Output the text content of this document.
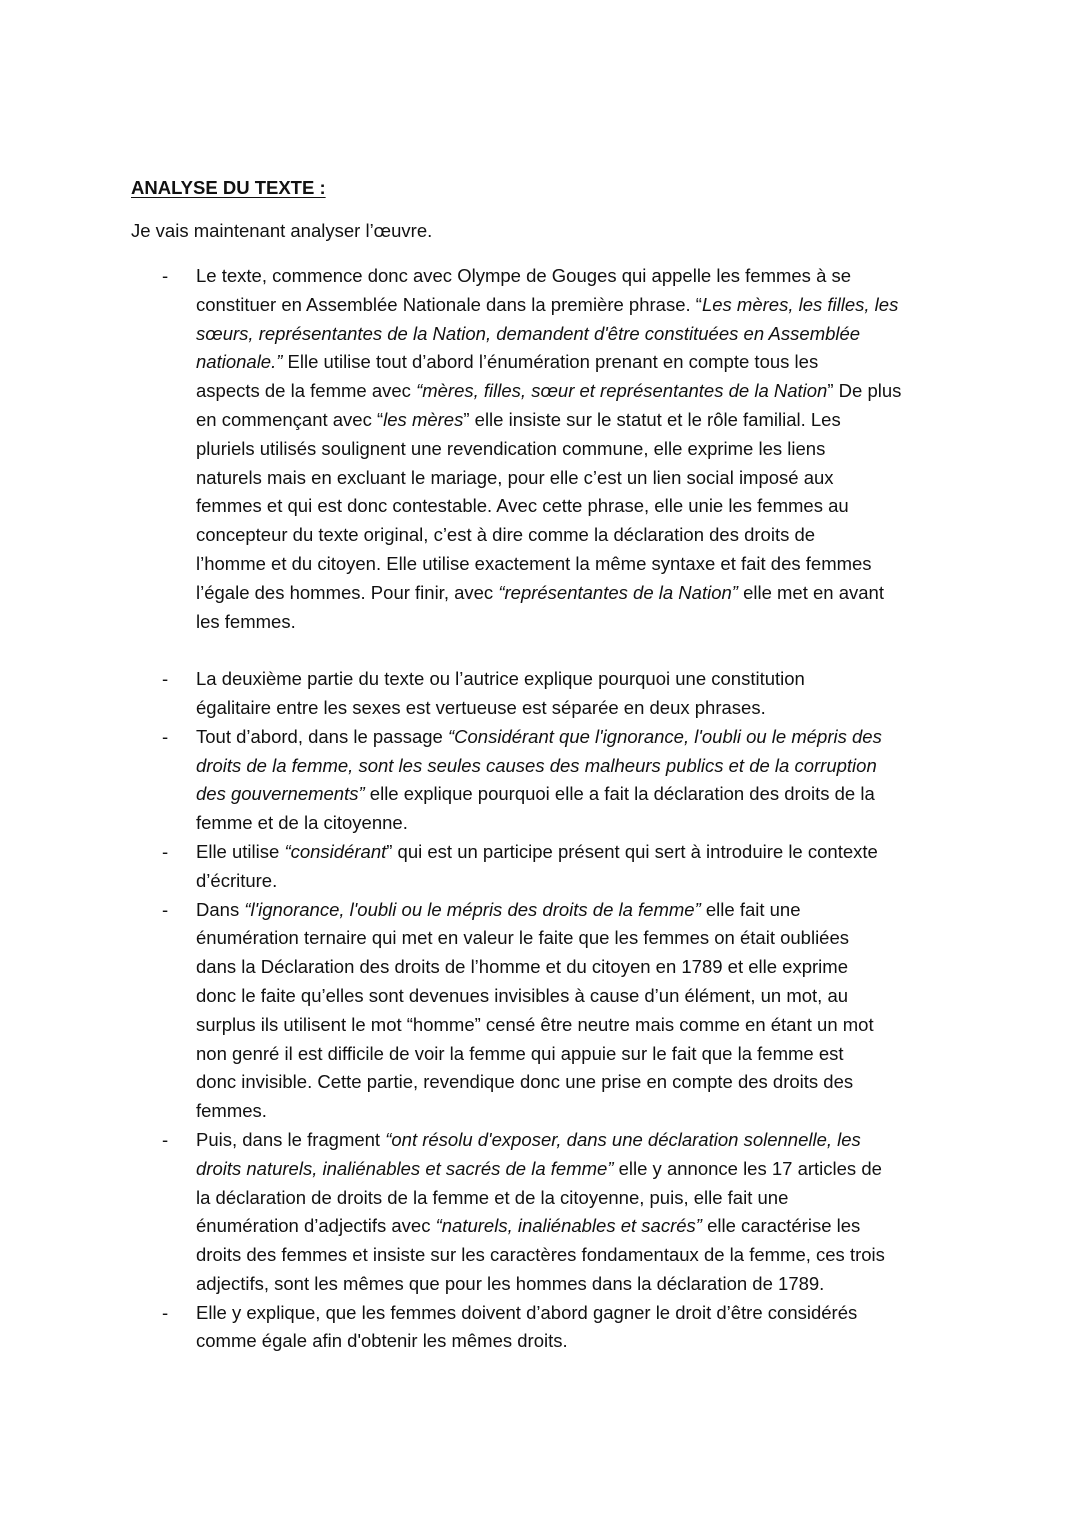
ANALYSE DU TEXTE :
Je vais maintenant analyser l’œuvre.
- Le texte, commence donc avec Olympe de Gouges qui appelle les femmes à se
constituer en Assemblée Nationale dans la première phrase. “Les mères, les filles, les
sœurs, représentantes de la Nation, demandent d'être constituées en Assemblée
nationale.” Elle utilise tout d’abord l’énumération prenant en compte tous les
aspects de la femme avec “mères, filles, sœur et représentantes de la Nation” De plus
en commençant avec “les mères” elle insiste sur le statut et le rôle familial. Les
pluriels utilisés soulignent une revendication commune, elle exprime les liens
naturels mais en excluant le mariage, pour elle c’est un lien social imposé aux
femmes et qui est donc contestable. Avec cette phrase, elle unie les femmes au
concepteur du texte original, c’est à dire comme la déclaration des droits de
l’homme et du citoyen. Elle utilise exactement la même syntaxe et fait des femmes
l’égale des hommes. Pour finir, avec “représentantes de la Nation” elle met en avant
les femmes.
- La deuxième partie du texte ou l’autrice explique pourquoi une constitution
égalitaire entre les sexes est vertueuse est séparée en deux phrases.
- Tout d’abord, dans le passage “Considérant que l'ignorance, l'oubli ou le mépris des
droits de la femme, sont les seules causes des malheurs publics et de la corruption
des gouvernements” elle explique pourquoi elle a fait la déclaration des droits de la
femme et de la citoyenne.
- Elle utilise “considérant” qui est un participe présent qui sert à introduire le contexte
d’écriture.
- Dans “l'ignorance, l'oubli ou le mépris des droits de la femme” elle fait une
énumération ternaire qui met en valeur le faite que les femmes on était oubliées
dans la Déclaration des droits de l’homme et du citoyen en 1789 et elle exprime
donc le faite qu’elles sont devenues invisibles à cause d’un élément, un mot, au
surplus ils utilisent le mot “homme” censé être neutre mais comme en étant un mot
non genré il est difficile de voir la femme qui appuie sur le fait que la femme est
donc invisible. Cette partie, revendique donc une prise en compte des droits des
femmes.
- Puis, dans le fragment “ont résolu d'exposer, dans une déclaration solennelle, les
droits naturels, inaliénables et sacrés de la femme” elle y annonce les 17 articles de
la déclaration de droits de la femme et de la citoyenne, puis, elle fait une
énumération d’adjectifs avec “naturels, inaliénables et sacrés” elle caractérise les
droits des femmes et insiste sur les caractères fondamentaux de la femme, ces trois
adjectifs, sont les mêmes que pour les hommes dans la déclaration de 1789.
- Elle y explique, que les femmes doivent d’abord gagner le droit d’être considérés
comme égale afin d'obtenir les mêmes droits.
